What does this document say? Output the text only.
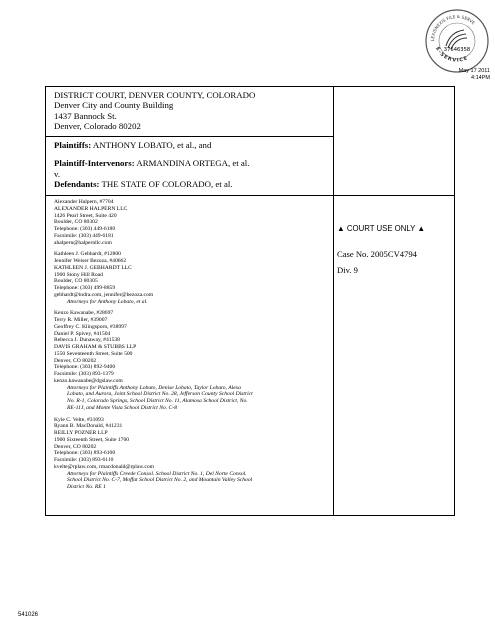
LEXISNEXIS FILE & SERVE
E-SERVICE
37646358
May 17 2011
4:14PM
DISTRICT COURT, DENVER COUNTY, COLORADO
Denver City and County Building
1437 Bannock St.
Denver, Colorado 80202
Plaintiffs: ANTHONY LOBATO, et al., and
Plaintiff-Intervenors: ARMANDINA ORTEGA, et al.
v.
Defendants: THE STATE OF COLORADO, et al.
Alexander Halpern, #7704
ALEXANDER HALPERN LLC
1426 Pearl Street, Suite 420
Boulder, CO 80302
Telephone: (303) 449-6180
Facsimile: (303) 449-6181
ahalpern@halpernllc.com
Kathleen J. Gebhardt, #12800
Jennifer Weiser Bezoza, #40662
KATHLEEN J. GEBHARDT LLC
1900 Stony Hill Road
Boulder, CO 80305
Telephone: (303) 499-8859
gebhardt@indra.com, jennifer@bezoza.com
Attorneys for Anthony Lobato, et al.
Kenzo Kawanabe, #28697
Terry R. Miller, #39007
Geoffrey C. Klingsporn, #38997
Daniel P. Spivey, #41504
Rebecca J. Dunaway, #41538
DAVIS GRAHAM & STUBBS LLP
1550 Seventeenth Street, Suite 500
Denver, CO 80202
Telephone: (303) 892-9400
Facsimile: (303) 893-1379
kenzo.kawanabe@dgslaw.com
Attorneys for Plaintiffs Anthony Lobato, Denise Lobato, Taylor Lobato, Alexa
Lobato, and Aurora, Joint School District No. 28, Jefferson County School District
No. R-1, Colorado Springs, School District No. 11, Alamosa School District, No.
RE-11J, and Monte Vista School District No. C-8
Kyle C. Velte, #31093
Ryann B. MacDonald, #41231
REILLY POZNER LLP
1900 Sixteenth Street, Suite 1700
Denver, CO 80202
Telephone: (303) 893-6100
Facsimile: (303) 893-6110
kvelte@rplaw.com, rmacdonald@rplaw.com
Attorneys for Plaintiffs Creede Consol. School District No. 1, Del Norte Consol.
School District No. C-7, Moffat School District No. 2, and Mountain Valley School
District No. RE 1
▲ COURT USE ONLY ▲
Case No. 2005CV4794
Div. 9
541026
